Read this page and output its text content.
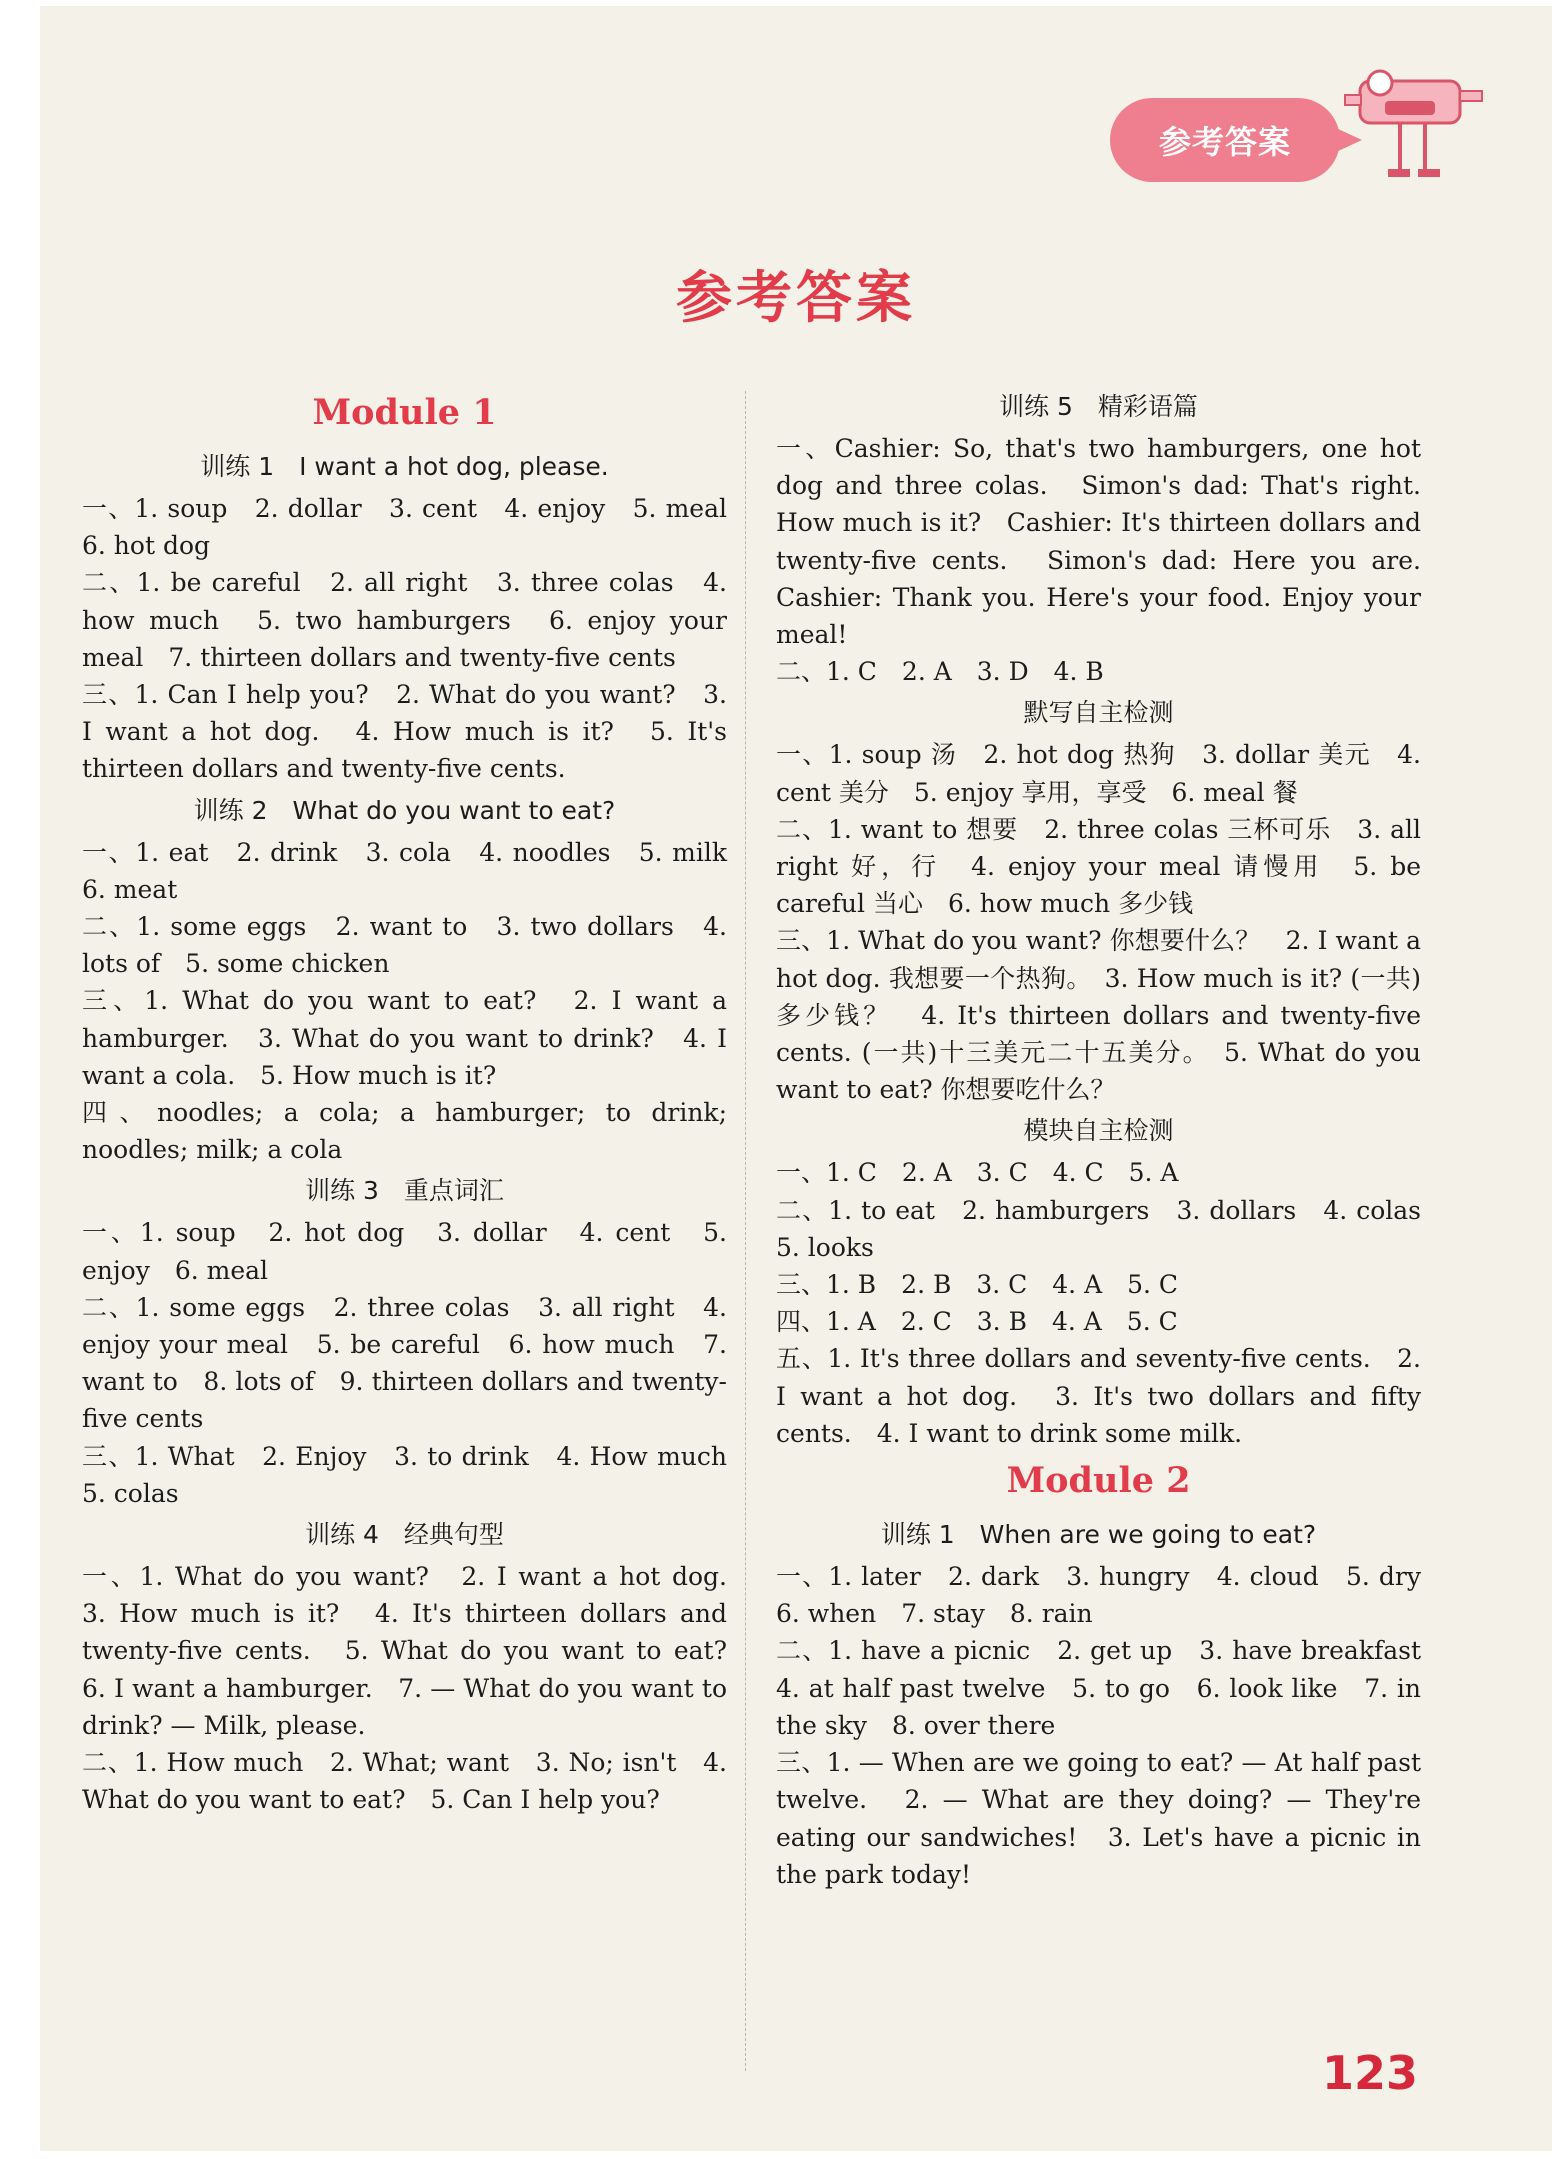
参考答案
参考答案

Module 1

训练 1　I want a hot dog, please.

一、1. soup　2. dollar　3. cent　4. enjoy　5. meal　6. hot dog

二、1. be careful　2. all right　3. three colas　4. how much　5. two hamburgers　6. enjoy your meal　7. thirteen dollars and twenty-five cents

三、1. Can I help you?　2. What do you want?　3. I want a hot dog.　4. How much is it?　5. It's thirteen dollars and twenty-five cents.

训练 2　What do you want to eat?

一、1. eat　2. drink　3. cola　4. noodles　5. milk　6. meat

二、1. some eggs　2. want to　3. two dollars　4. lots of　5. some chicken

三、1. What do you want to eat?　2. I want a hamburger.　3. What do you want to drink?　4. I want a cola.　5. How much is it?

四、noodles; a cola; a hamburger; to drink; noodles; milk; a cola

训练 3　重点词汇

一、1. soup　2. hot dog　3. dollar　4. cent　5. enjoy　6. meal

二、1. some eggs　2. three colas　3. all right　4. enjoy your meal　5. be careful　6. how much　7. want to　8. lots of　9. thirteen dollars and twenty-five cents

三、1. What　2. Enjoy　3. to drink　4. How much　5. colas

训练 4　经典句型

一、1. What do you want?　2. I want a hot dog.　3. How much is it?　4. It's thirteen dollars and twenty-five cents.　5. What do you want to eat?　6. I want a hamburger.　7. — What do you want to drink? — Milk, please.

二、1. How much　2. What; want　3. No; isn't　4. What do you want to eat?　5. Can I help you?

训练 5　精彩语篇

一、Cashier: So, that's two hamburgers, one hot dog and three colas.　Simon's dad: That's right. How much is it?　Cashier: It's thirteen dollars and twenty-five cents.　Simon's dad: Here you are.　Cashier: Thank you. Here's your food. Enjoy your meal!

二、1. C　2. A　3. D　4. B

默写自主检测

一、1. soup 汤　2. hot dog 热狗　3. dollar 美元　4. cent 美分　5. enjoy 享用，享受　6. meal 餐

二、1. want to 想要　2. three colas 三杯可乐　3. all right 好，行　4. enjoy your meal 请慢用　5. be careful 当心　6. how much 多少钱

三、1. What do you want? 你想要什么？　2. I want a hot dog. 我想要一个热狗。　3. How much is it? (一共)多少钱？　4. It's thirteen dollars and twenty-five cents. (一共)十三美元二十五美分。　5. What do you want to eat? 你想要吃什么？

模块自主检测

一、1. C　2. A　3. C　4. C　5. A

二、1. to eat　2. hamburgers　3. dollars　4. colas　5. looks

三、1. B　2. B　3. C　4. A　5. C

四、1. A　2. C　3. B　4. A　5. C

五、1. It's three dollars and seventy-five cents.　2. I want a hot dog.　3. It's two dollars and fifty cents.　4. I want to drink some milk.

Module 2

训练 1　When are we going to eat?

一、1. later　2. dark　3. hungry　4. cloud　5. dry　6. when　7. stay　8. rain

二、1. have a picnic　2. get up　3. have breakfast　4. at half past twelve　5. to go　6. look like　7. in the sky　8. over there

三、1. — When are we going to eat? — At half past twelve.　2. — What are they doing? — They're eating our sandwiches!　3. Let's have a picnic in the park today!

123
